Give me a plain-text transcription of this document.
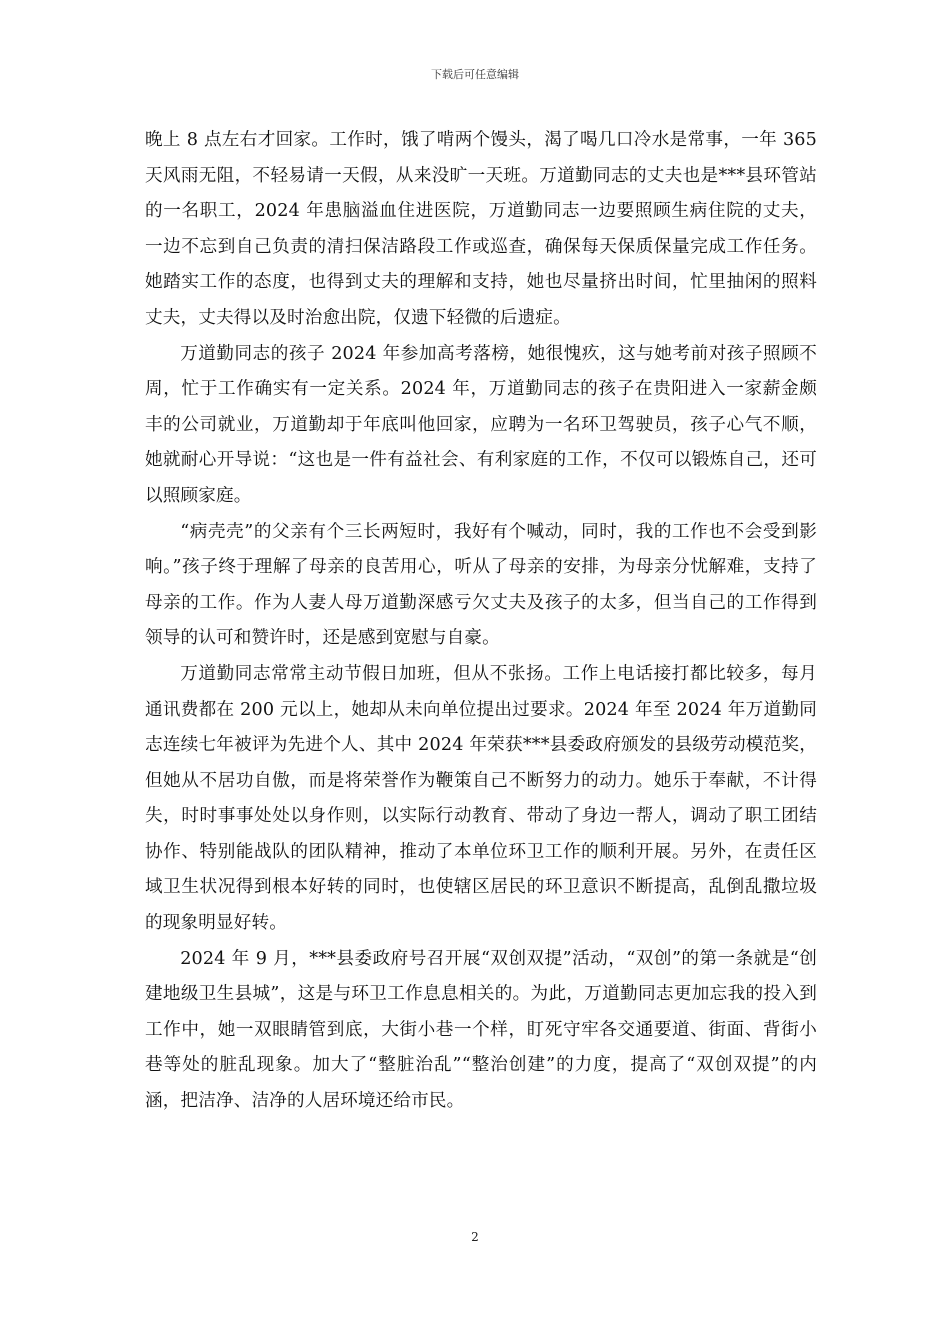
下载后可任意编辑

晚上 8 点左右才回家。工作时，饿了啃两个馒头，渴了喝几口冷水是常事，一年 365 天风雨无阻，不轻易请一天假，从来没旷一天班。万道勤同志的丈夫也是***县环管站的一名职工，2024 年患脑溢血住进医院，万道勤同志一边要照顾生病住院的丈夫，一边不忘到自己负责的清扫保洁路段工作或巡查，确保每天保质保量完成工作任务。她踏实工作的态度，也得到丈夫的理解和支持，她也尽量挤出时间，忙里抽闲的照料丈夫，丈夫得以及时治愈出院，仅遗下轻微的后遗症。

万道勤同志的孩子 2024 年参加高考落榜，她很愧疚，这与她考前对孩子照顾不周，忙于工作确实有一定关系。2024 年，万道勤同志的孩子在贵阳进入一家薪金颇丰的公司就业，万道勤却于年底叫他回家，应聘为一名环卫驾驶员，孩子心气不顺，她就耐心开导说：“这也是一件有益社会、有利家庭的工作，不仅可以锻炼自己，还可以照顾家庭。

“病壳壳”的父亲有个三长两短时，我好有个喊动，同时，我的工作也不会受到影响。”孩子终于理解了母亲的良苦用心，听从了母亲的安排，为母亲分忧解难，支持了母亲的工作。作为人妻人母万道勤深感亏欠丈夫及孩子的太多，但当自己的工作得到领导的认可和赞许时，还是感到宽慰与自豪。

万道勤同志常常主动节假日加班，但从不张扬。工作上电话接打都比较多，每月通讯费都在 200 元以上，她却从未向单位提出过要求。2024 年至 2024 年万道勤同志连续七年被评为先进个人、其中 2024 年荣获***县委政府颁发的县级劳动模范奖，但她从不居功自傲，而是将荣誉作为鞭策自己不断努力的动力。她乐于奉献，不计得失，时时事事处处以身作则，以实际行动教育、带动了身边一帮人，调动了职工团结协作、特别能战队的团队精神，推动了本单位环卫工作的顺利开展。另外，在责任区域卫生状况得到根本好转的同时，也使辖区居民的环卫意识不断提高，乱倒乱撒垃圾的现象明显好转。

2024 年 9 月，***县委政府号召开展“双创双提”活动，“双创”的第一条就是“创建地级卫生县城”，这是与环卫工作息息相关的。为此，万道勤同志更加忘我的投入到工作中，她一双眼睛管到底，大街小巷一个样，盯死守牢各交通要道、街面、背街小巷等处的脏乱现象。加大了“整脏治乱”“整治创建”的力度，提高了“双创双提”的内涵，把洁净、洁净的人居环境还给市民。

2
